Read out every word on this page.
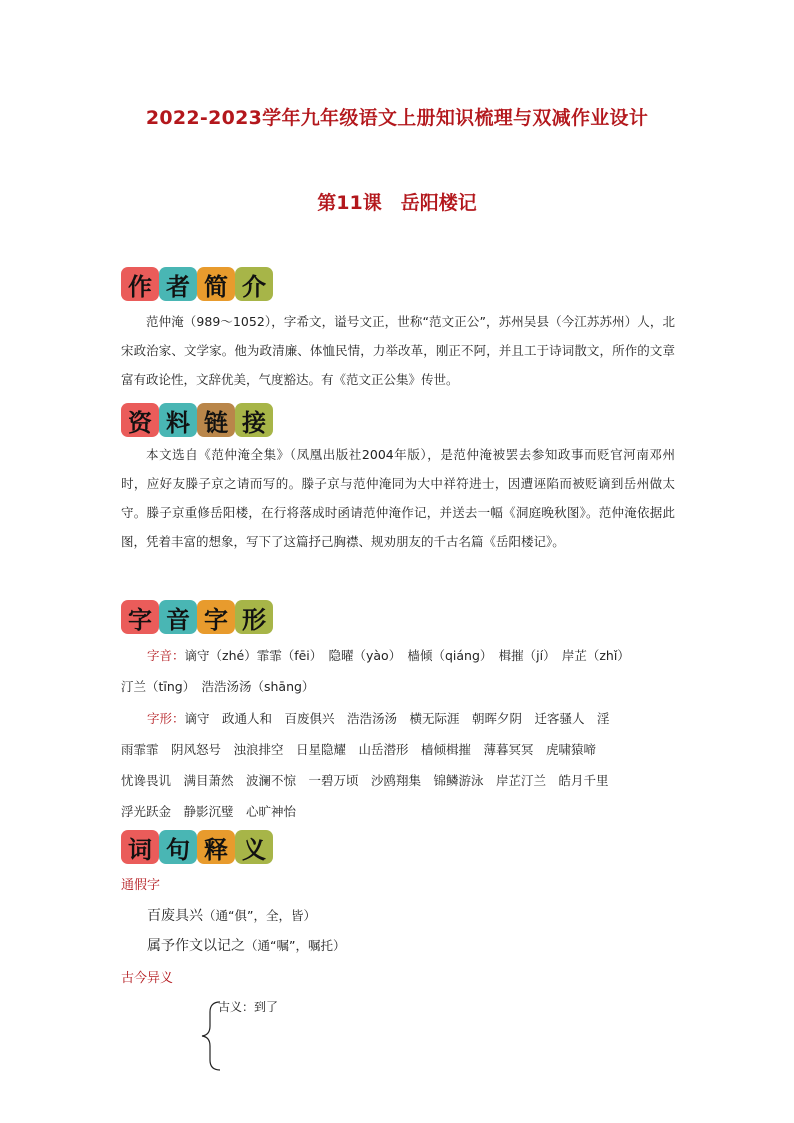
2022-2023学年九年级语文上册知识梳理与双减作业设计
第11课　岳阳楼记
作 者 简 介
范仲淹（989～1052），字希文，谥号文正，世称“范文正公”，苏州吴县（今江苏苏州）人，北宋政治家、文学家。他为政清廉、体恤民情，力举改革，刚正不阿，并且工于诗词散文，所作的文章富有政论性，文辞优美，气度豁达。有《范文正公集》传世。
资 料 链 接
本文选自《范仲淹全集》（凤凰出版社2004年版），是范仲淹被罢去参知政事而贬官河南邓州时，应好友滕子京之请而写的。滕子京与范仲淹同为大中祥符进士，因遭诬陷而被贬谪到岳州做太守。滕子京重修岳阳楼，在行将落成时函请范仲淹作记，并送去一幅《洞庭晚秋图》。范仲淹依据此图，凭着丰富的想象，写下了这篇抒己胸襟、规劝朋友的千古名篇《岳阳楼记》。
字 音 字 形
字音：谪守（zhé）霏霏（fēi）　隐曜（yào）　樯倾（qiáng）　楫摧（jí）　岸芷（zhǐ）
汀兰（tīng）　浩浩汤汤（shāng）
字形：谪守　政通人和　百废俱兴　浩浩汤汤　横无际涯　朝晖夕阴　迁客骚人　淫
雨霏霏　阴风怒号　浊浪排空　日星隐耀　山岳潜形　樯倾楫摧　薄暮冥冥　虎啸猿啼
忧谗畏讥　满目萧然　波澜不惊　一碧万顷　沙鸥翔集　锦鳞游泳　岸芷汀兰　皓月千里
浮光跃金　静影沉璧　心旷神怡
词 句 释 义
通假字
百废具兴（通“俱”，全，皆）
属予作文以记之（通“嘱”，嘱托）
古今异义
古义：到了
